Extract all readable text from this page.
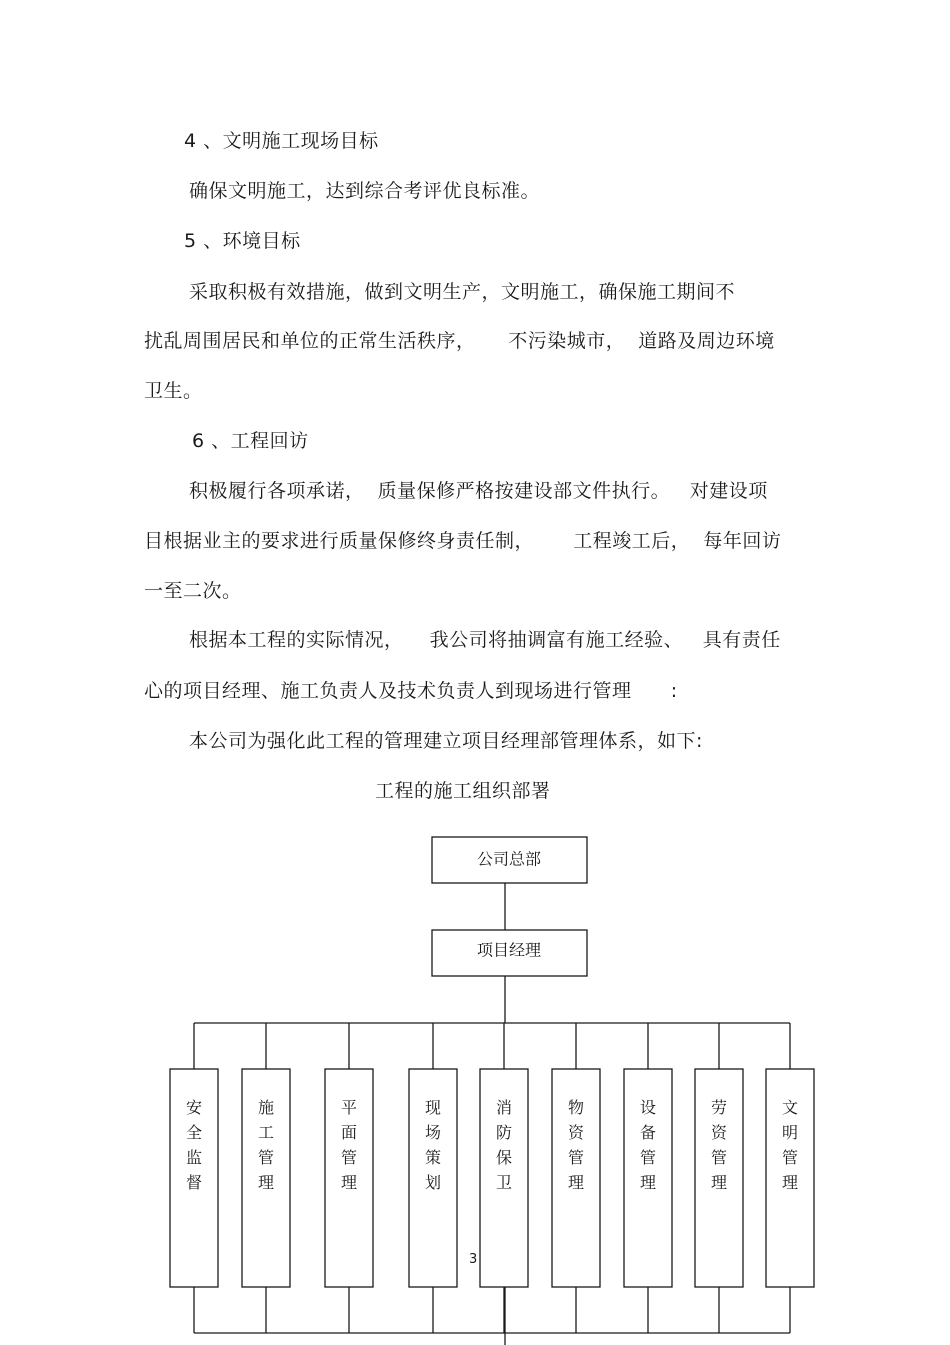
4 、文明施工现场目标
确保文明施工，达到综合考评优良标准。
5 、环境目标
采取积极有效措施，做到文明生产，文明施工，确保施工期间不
扰乱周围居民和单位的正常生活秩序，     不污染城市，  道路及周边环境
卫生。
6 、工程回访
积极履行各项承诺，  质量保修严格按建设部文件执行。   对建设项
目根据业主的要求进行质量保修终身责任制，      工程竣工后，  每年回访
一至二次。
根据本工程的实际情况，    我公司将抽调富有施工经验、   具有责任
心的项目经理、施工负责人及技术负责人到现场进行管理      :
本公司为强化此工程的管理建立项目经理部管理体系，如下:
工程的施工组织部署
公司总部
项目经理
安全监督
施工管理
平面管理
现场策划
消防保卫
物资管理
设备管理
劳资管理
文明管理
3
